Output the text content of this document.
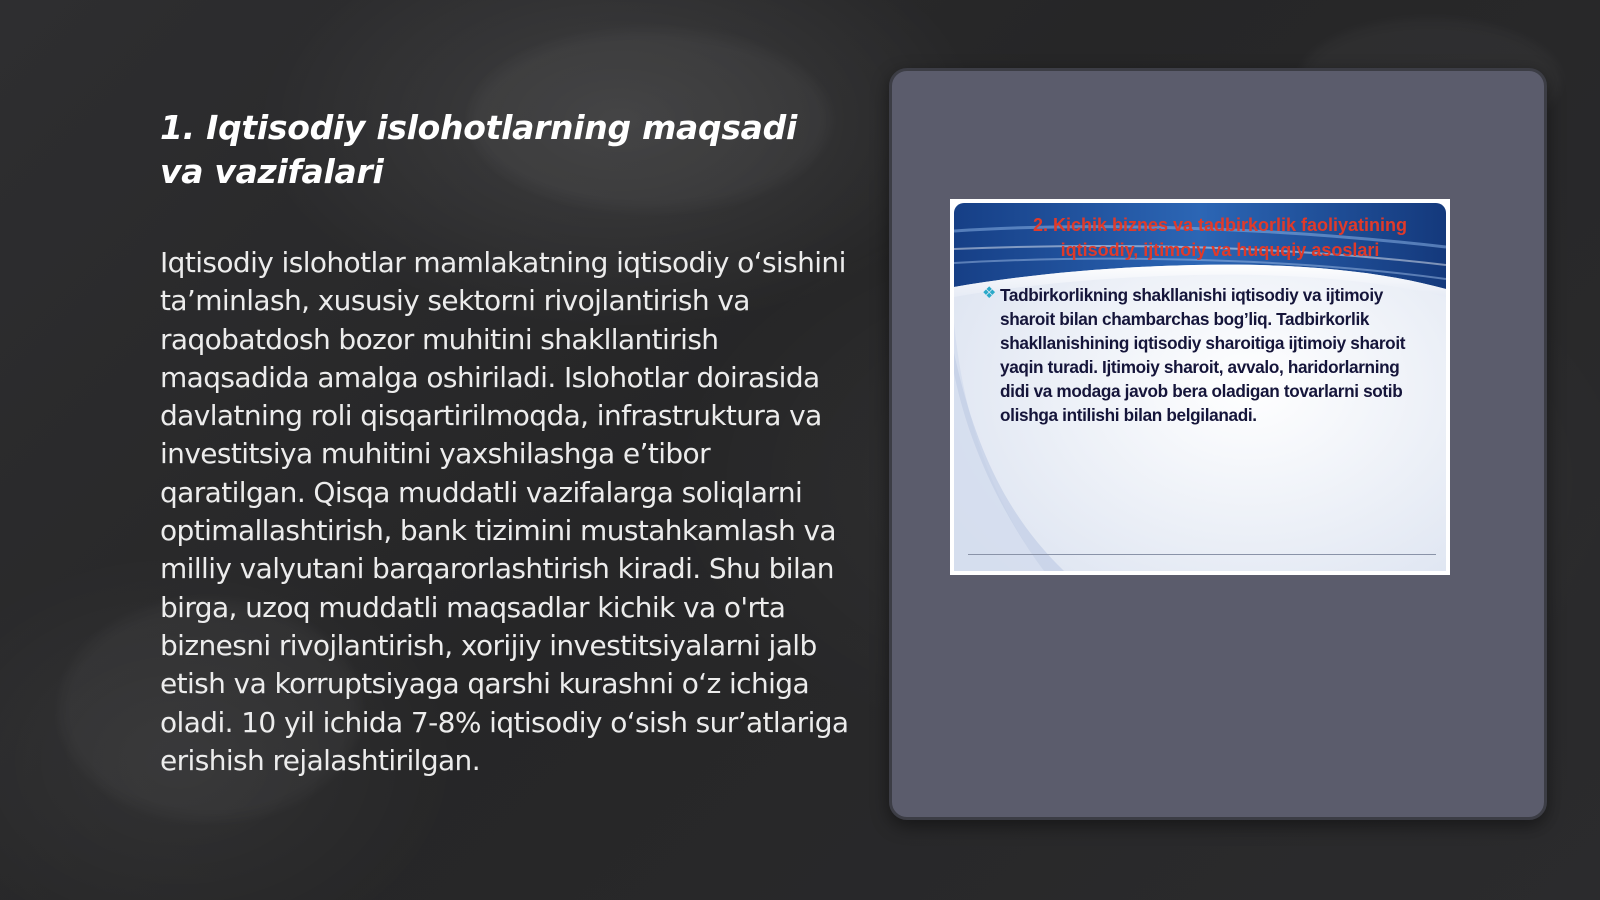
1. Iqtisodiy islohotlarning maqsadi va vazifalari

Iqtisodiy islohotlar mamlakatning iqtisodiy o‘sishini ta’minlash, xususiy sektorni rivojlantirish va raqobatdosh bozor muhitini shakllantirish maqsadida amalga oshiriladi. Islohotlar doirasida davlatning roli qisqartirilmoqda, infrastruktura va investitsiya muhitini yaxshilashga e’tibor qaratilgan. Qisqa muddatli vazifalarga soliqlarni optimallashtirish, bank tizimini mustahkamlash va milliy valyutani barqarorlashtirish kiradi. Shu bilan birga, uzoq muddatli maqsadlar kichik va o'rta biznesni rivojlantirish, xorijiy investitsiyalarni jalb etish va korruptsiyaga qarshi kurashni o‘z ichiga oladi. 10 yil ichida 7-8% iqtisodiy o‘sish sur’atlariga erishish rejalashtirilgan.

2. Kichik biznes va tadbirkorlik faoliyatining iqtisodiy, ijtimoiy va huquqiy asoslari

❖ Tadbirkorlikning shakllanishi iqtisodiy va ijtimoiy sharoit bilan chambarchas bog’liq. Tadbirkorlik shakllanishining iqtisodiy sharoitiga ijtimoiy sharoit yaqin turadi. Ijtimoiy sharoit, avvalo, haridorlarning didi va modaga javob bera oladigan tovarlarni sotib olishga intilishi bilan belgilanadi.
